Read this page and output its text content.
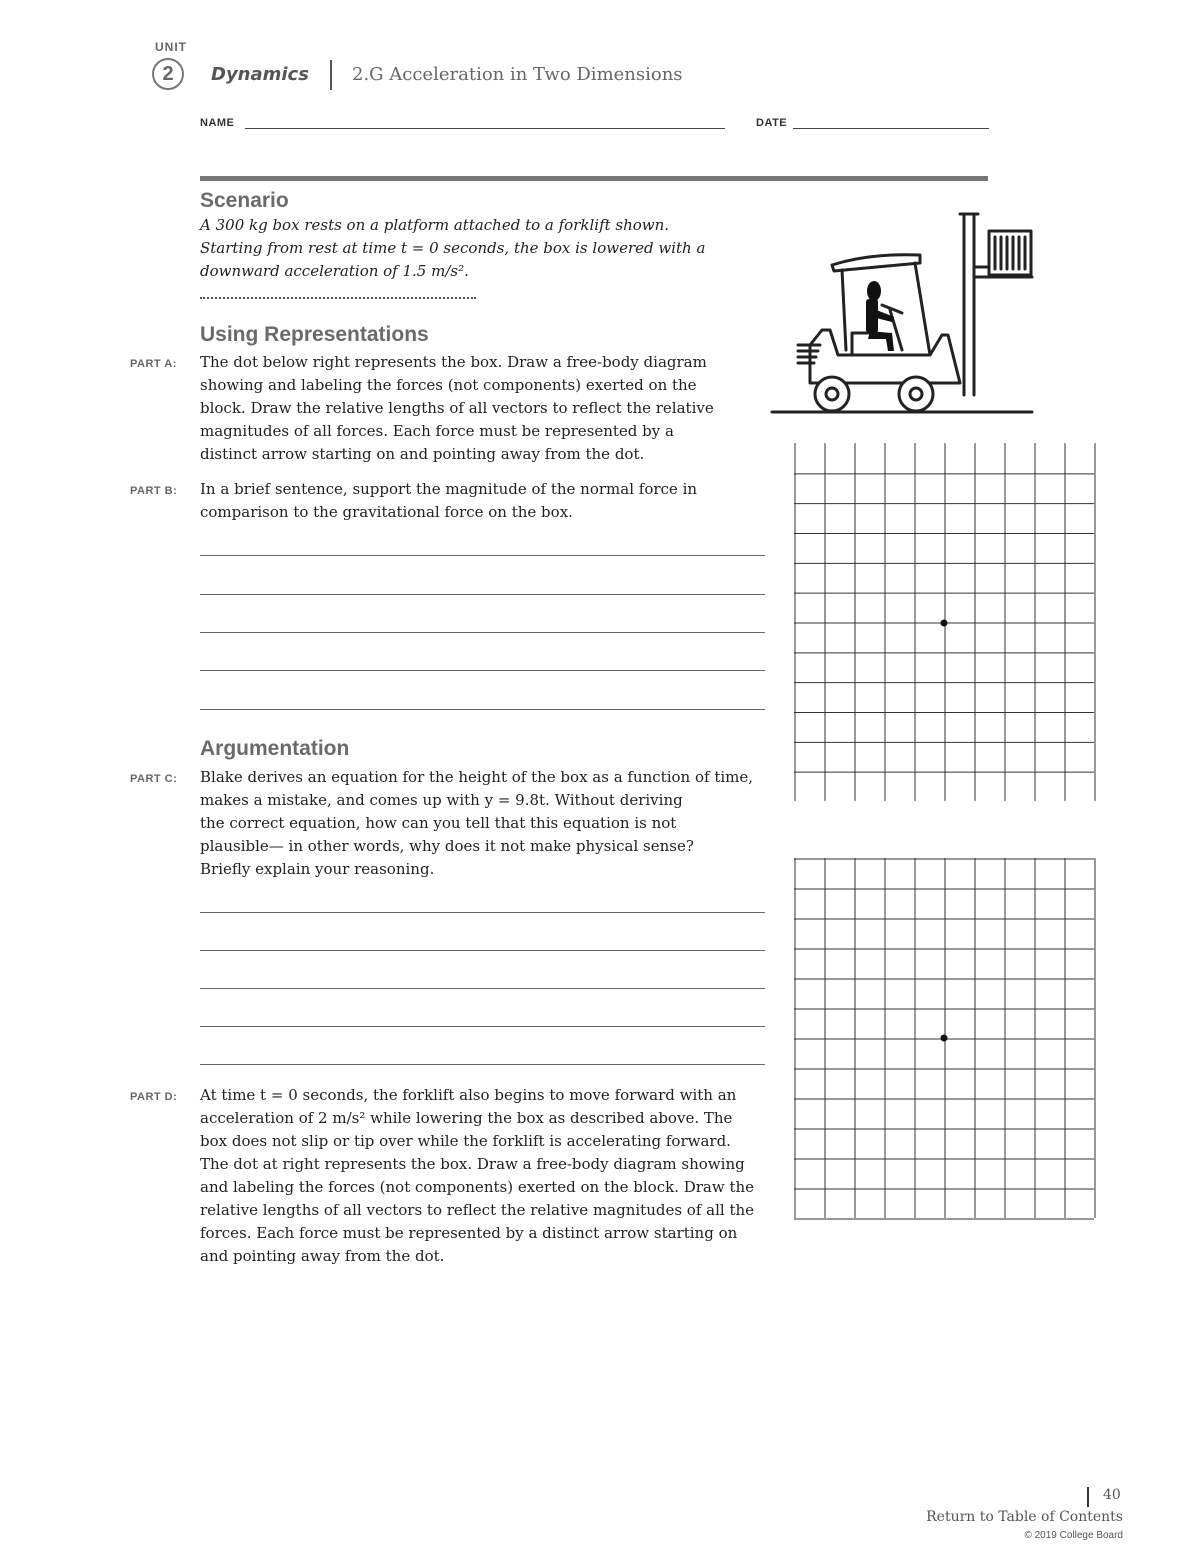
UNIT
2 Dynamics 2.G Acceleration in Two Dimensions
NAME	DATE
Scenario
A 300 kg box rests on a platform attached to a forklift shown.
Starting from rest at time t = 0 seconds, the box is lowered with a
downward acceleration of 1.5 m/s².
Using Representations
PART A: The dot below right represents the box. Draw a free-body diagram
showing and labeling the forces (not components) exerted on the
block. Draw the relative lengths of all vectors to reflect the relative
magnitudes of all forces. Each force must be represented by a
distinct arrow starting on and pointing away from the dot.
PART B: In a brief sentence, support the magnitude of the normal force in
comparison to the gravitational force on the box.
Argumentation
PART C: Blake derives an equation for the height of the box as a function of time,
makes a mistake, and comes up with y = 9.8t. Without deriving
the correct equation, how can you tell that this equation is not
plausible— in other words, why does it not make physical sense?
Briefly explain your reasoning.
PART D: At time t = 0 seconds, the forklift also begins to move forward with an
acceleration of 2 m/s² while lowering the box as described above. The
box does not slip or tip over while the forklift is accelerating forward.
The dot at right represents the box. Draw a free-body diagram showing
and labeling the forces (not components) exerted on the block. Draw the
relative lengths of all vectors to reflect the relative magnitudes of all the
forces. Each force must be represented by a distinct arrow starting on
and pointing away from the dot.
40
Return to Table of Contents
© 2019 College Board
